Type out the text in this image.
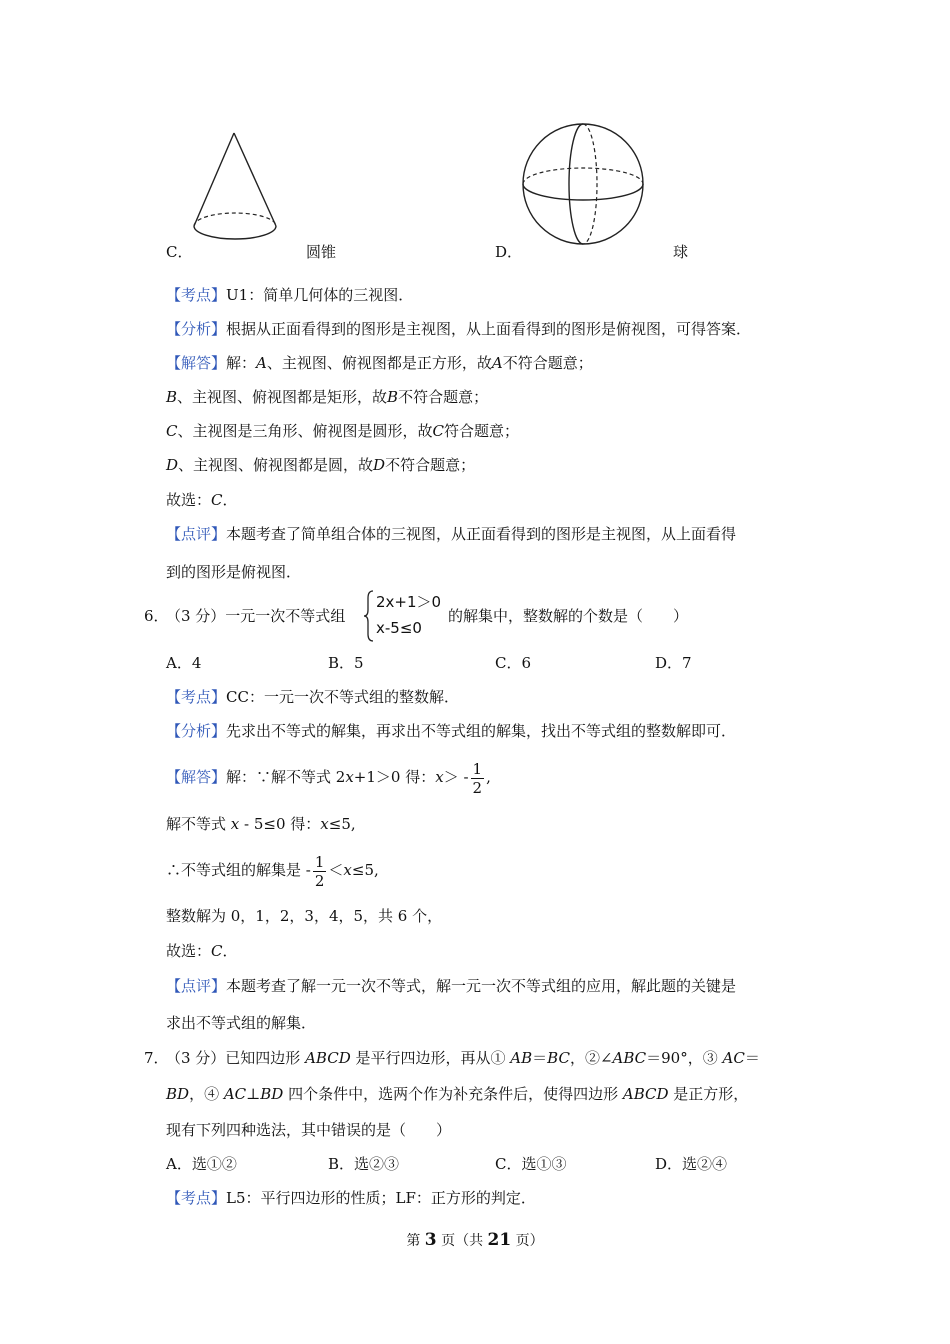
C．	圆锥	D．	球
【考点】U1：简单几何体的三视图．
【分析】根据从正面看得到的图形是主视图，从上面看得到的图形是俯视图，可得答案．
【解答】解：A、主视图、俯视图都是正方形，故A不符合题意；
B、主视图、俯视图都是矩形，故B不符合题意；
C、主视图是三角形、俯视图是圆形，故C符合题意；
D、主视图、俯视图都是圆，故D不符合题意；
故选：C．
【点评】本题考查了简单组合体的三视图，从正面看得到的图形是主视图，从上面看得
到的图形是俯视图．
6．
（3 分）一元一次不等式组
2x+1＞0
x-5≤0
的解集中，整数解的个数是（　　）
A．4	B．5	C．6	D．7
【考点】CC：一元一次不等式组的整数解．
【分析】先求出不等式的解集，再求出不等式组的解集，找出不等式组的整数解即可．
【解答】解：∵解不等式 2x+1＞0 得：$x> - \frac{1}{2}$ ,
解不等式 x - 5≤0 得：x≤5,
∴不等式组的解集是 - $\frac{1}{2} <x\le 5$,
整数解为 0，1，2，3，4，5，共 6 个，
故选：C．
【点评】本题考查了解一元一次不等式，解一元一次不等式组的应用，解此题的关键是
求出不等式组的解集．
7．
（3 分）已知四边形 ABCD 是平行四边形，再从① AB＝BC，②∠ABC＝90°，③ AC＝
BD，④ AC⊥BD 四个条件中，选两个作为补充条件后，使得四边形 ABCD 是正方形，
现有下列四种选法，其中错误的是（　　）
A．选①②	B．选②③	C．选①③	D．选②④
【考点】L5：平行四边形的性质；LF：正方形的判定．
第 3 页（共 21 页）
